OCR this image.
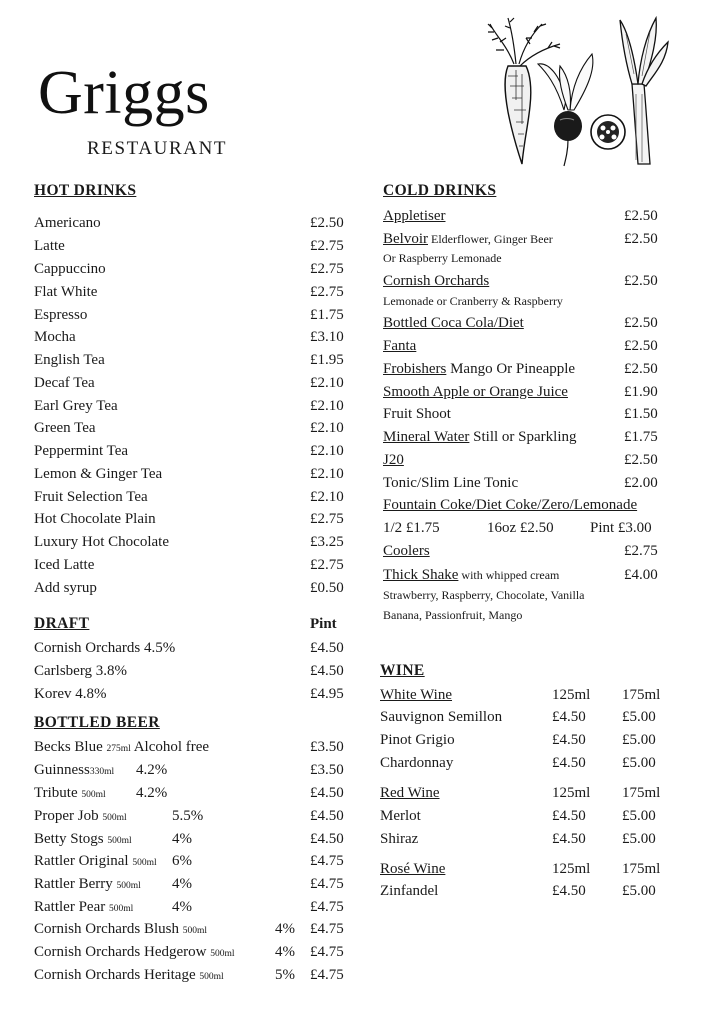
Griggs
RESTAURANT
HOT DRINKS
Americano	£2.50
Latte	£2.75
Cappuccino	£2.75
Flat White	£2.75
Espresso	£1.75
Mocha	£3.10
English Tea	£1.95
Decaf Tea	£2.10
Earl Grey Tea	£2.10
Green Tea	£2.10
Peppermint Tea	£2.10
Lemon & Ginger Tea	£2.10
Fruit Selection Tea	£2.10
Hot Chocolate Plain	£2.75
Luxury Hot Chocolate	£3.25
Iced Latte	£2.75
Add syrup	£0.50
DRAFT	Pint
Cornish Orchards 4.5%	£4.50
Carlsberg 3.8%	£4.50
Korev 4.8%	£4.95
BOTTLED BEER
Becks Blue 275ml Alcohol free	£3.50
Guinness330ml 4.2%	£3.50
Tribute 500ml 4.2%	£4.50
Proper Job 500ml	5.5%	£4.50
Betty Stogs 500ml	4%	£4.50
Rattler Original 500ml 6%	£4.75
Rattler Berry 500ml 4%	£4.75
Rattler Pear 500ml	4%	£4.75
Cornish Orchards Blush 500ml	4% £4.75
Cornish Orchards Hedgerow 500ml	4% £4.75
Cornish Orchards Heritage 500ml	5% £4.75
COLD DRINKS
Appletiser	£2.50
Belvoir Elderflower, Ginger Beer	£2.50
Or Raspberry Lemonade
Cornish Orchards	£2.50
Lemonade or Cranberry & Raspberry
Bottled Coca Cola/Diet	£2.50
Fanta	£2.50
Frobishers Mango Or Pineapple	£2.50
Smooth Apple or Orange Juice	£1.90
Fruit Shoot	£1.50
Mineral Water Still or Sparkling	£1.75
J20	£2.50
Tonic/Slim Line Tonic	£2.00
Fountain Coke/Diet Coke/Zero/Lemonade
1/2 £1.75	16oz £2.50 Pint £3.00
Coolers	£2.75
Thick Shake with whipped cream	£4.00
Strawberry, Raspberry, Chocolate, Vanilla
Banana, Passionfruit, Mango
WINE
White Wine	125ml 175ml
Sauvignon Semillon	£4.50 £5.00
Pinot Grigio	£4.50 £5.00
Chardonnay	£4.50 £5.00
Red Wine	125ml 175ml
Merlot	£4.50 £5.00
Shiraz	£4.50 £5.00
Rosé Wine	125ml 175ml
Zinfandel	£4.50 £5.00
